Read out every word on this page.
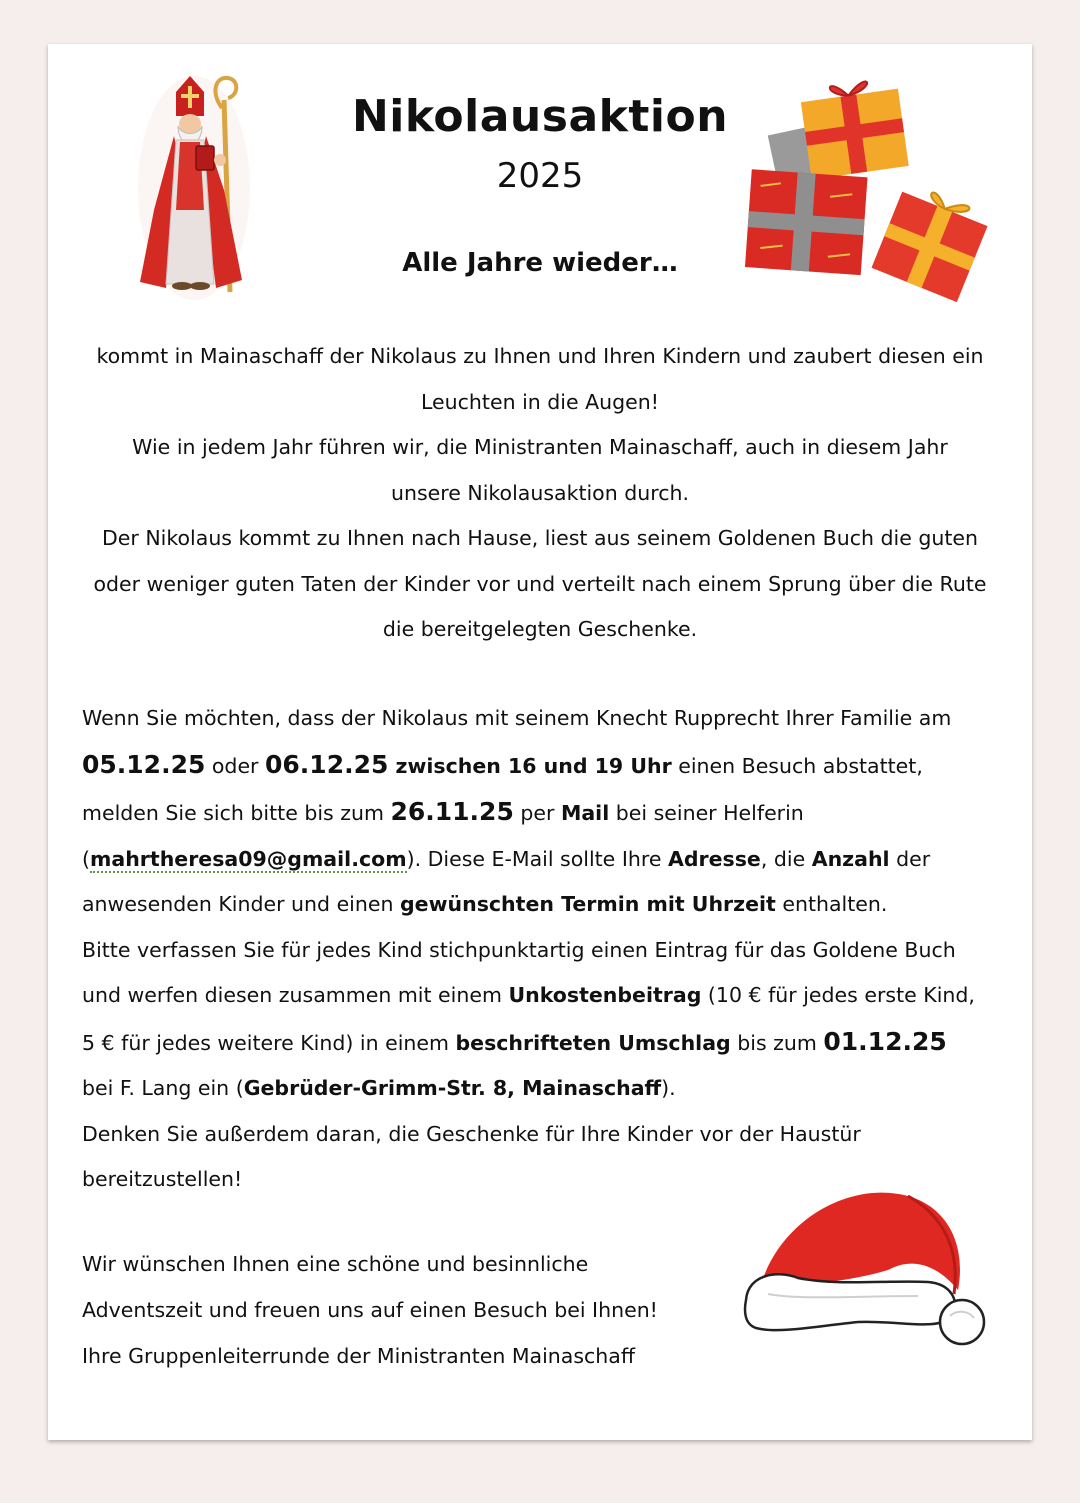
Nikolausaktion
2025
Alle Jahre wieder…

kommt in Mainaschaff der Nikolaus zu Ihnen und Ihren Kindern und zaubert diesen ein
Leuchten in die Augen!
Wie in jedem Jahr führen wir, die Ministranten Mainaschaff, auch in diesem Jahr
unsere Nikolausaktion durch.
Der Nikolaus kommt zu Ihnen nach Hause, liest aus seinem Goldenen Buch die guten
oder weniger guten Taten der Kinder vor und verteilt nach einem Sprung über die Rute
die bereitgelegten Geschenke.

Wenn Sie möchten, dass der Nikolaus mit seinem Knecht Rupprecht Ihrer Familie am
05.12.25 oder 06.12.25 zwischen 16 und 19 Uhr einen Besuch abstattet,
melden Sie sich bitte bis zum 26.11.25 per Mail bei seiner Helferin
(mahrtheresa09@gmail.com). Diese E-Mail sollte Ihre Adresse, die Anzahl der
anwesenden Kinder und einen gewünschten Termin mit Uhrzeit enthalten.
Bitte verfassen Sie für jedes Kind stichpunktartig einen Eintrag für das Goldene Buch
und werfen diesen zusammen mit einem Unkostenbeitrag (10 € für jedes erste Kind,
5 € für jedes weitere Kind) in einem beschrifteten Umschlag bis zum 01.12.25
bei F. Lang ein (Gebrüder-Grimm-Str. 8, Mainaschaff).
Denken Sie außerdem daran, die Geschenke für Ihre Kinder vor der Haustür
bereitzustellen!

Wir wünschen Ihnen eine schöne und besinnliche
Adventszeit und freuen uns auf einen Besuch bei Ihnen!
Ihre Gruppenleiterrunde der Ministranten Mainaschaff
